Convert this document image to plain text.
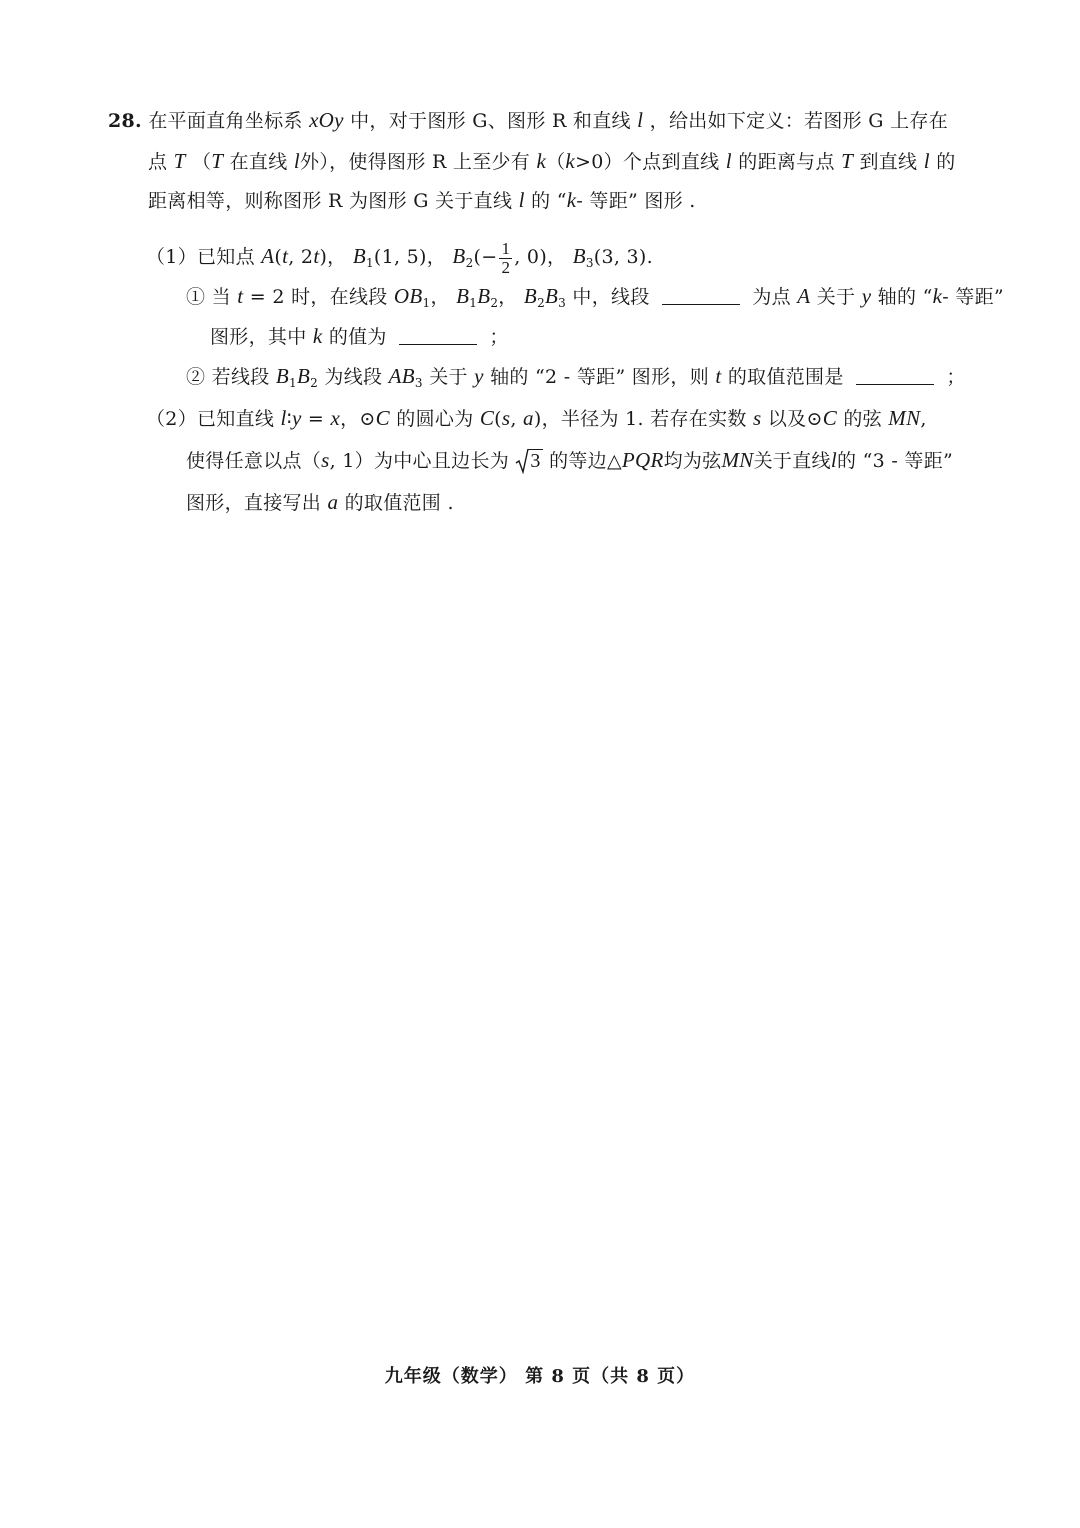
28. 在平面直角坐标系 xOy 中，对于图形 G、图形 R 和直线 l ，给出如下定义：若图形 G 上存在
点 T （T 在直线 l外），使得图形 R 上至少有 k（k>0）个点到直线 l 的距离与点 T 到直线 l 的
距离相等，则称图形 R 为图形 G 关于直线 l 的 “k- 等距” 图形 .
（1）已知点 A(t, 2t)， $B_1(1$, 5)， $B_2(- \frac{1}{2}$ , 0)， $B_3(3$, 3).
① 当 t = 2 时，在线段 $OB_1$， $B_1B_2$， $B_2B_3$ 中，线段	为点 A 关于 y 轴的 “k- 等距”
图形，其中 k 的值为	；
② 若线段 $B_1B_2$ 为线段 $AB_3$ 关于 y 轴的 “2 - 等距” 图形，则 t 的取值范围是	；
（2）已知直线 l∶y = x，⊙C 的圆心为 C(s, a)，半径为 1. 若存在实数 s 以及⊙C 的弦 MN,
使得任意以点（s, 1）为中心且边长为 3 的等边△PQR均为弦MN关于直线l的 “3 - 等距”
图形，直接写出 a 的取值范围 .
九年级（数学） 第 8 页（共 8 页）
